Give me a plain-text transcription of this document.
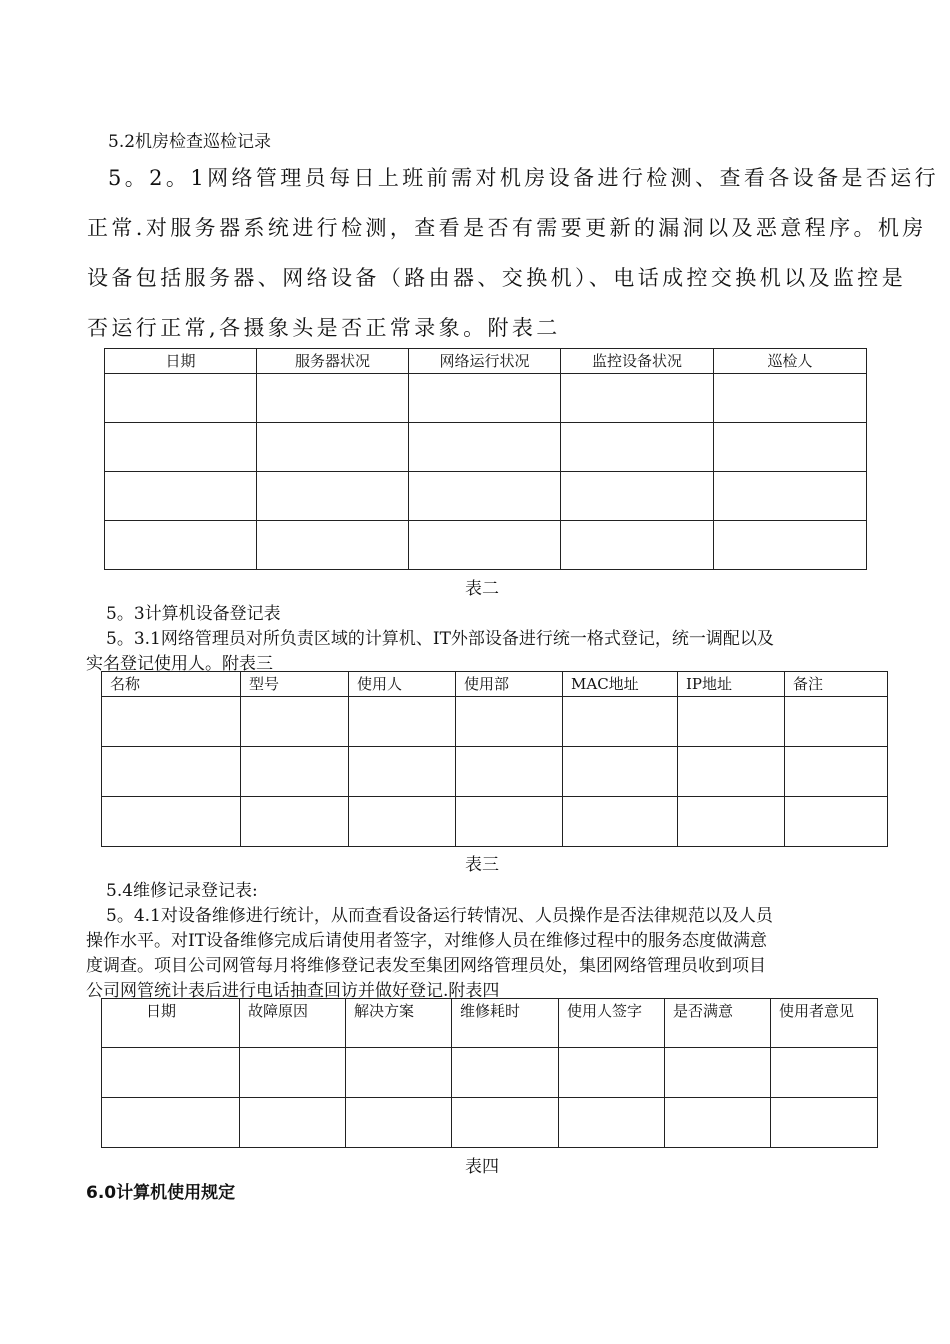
5.2机房检查巡检记录
5。2。1网络管理员每日上班前需对机房设备进行检测、查看各设备是否运行
正常.对服务器系统进行检测，查看是否有需要更新的漏洞以及恶意程序。机房
设备包括服务器、网络设备（路由器、交换机）、电话成控交换机以及监控是
否运行正常,各摄象头是否正常录象。附表二
日期	服务器状况	网络运行状况	监控设备状况	巡检人

表二
5。3计算机设备登记表
5。3.1网络管理员对所负责区域的计算机、IT外部设备进行统一格式登记，统一调配以及
实名登记使用人。附表三
名称	型号	使用人	使用部	MAC地址	IP地址	备注

表三
5.4维修记录登记表:
5。4.1对设备维修进行统计，从而查看设备运行转情况、人员操作是否法律规范以及人员
操作水平。对IT设备维修完成后请使用者签字，对维修人员在维修过程中的服务态度做满意
度调查。项目公司网管每月将维修登记表发至集团网络管理员处，集团网络管理员收到项目
公司网管统计表后进行电话抽查回访并做好登记.附表四
日期	故障原因	解决方案	维修耗时	使用人签字	是否满意	使用者意见

表四
6.0计算机使用规定
